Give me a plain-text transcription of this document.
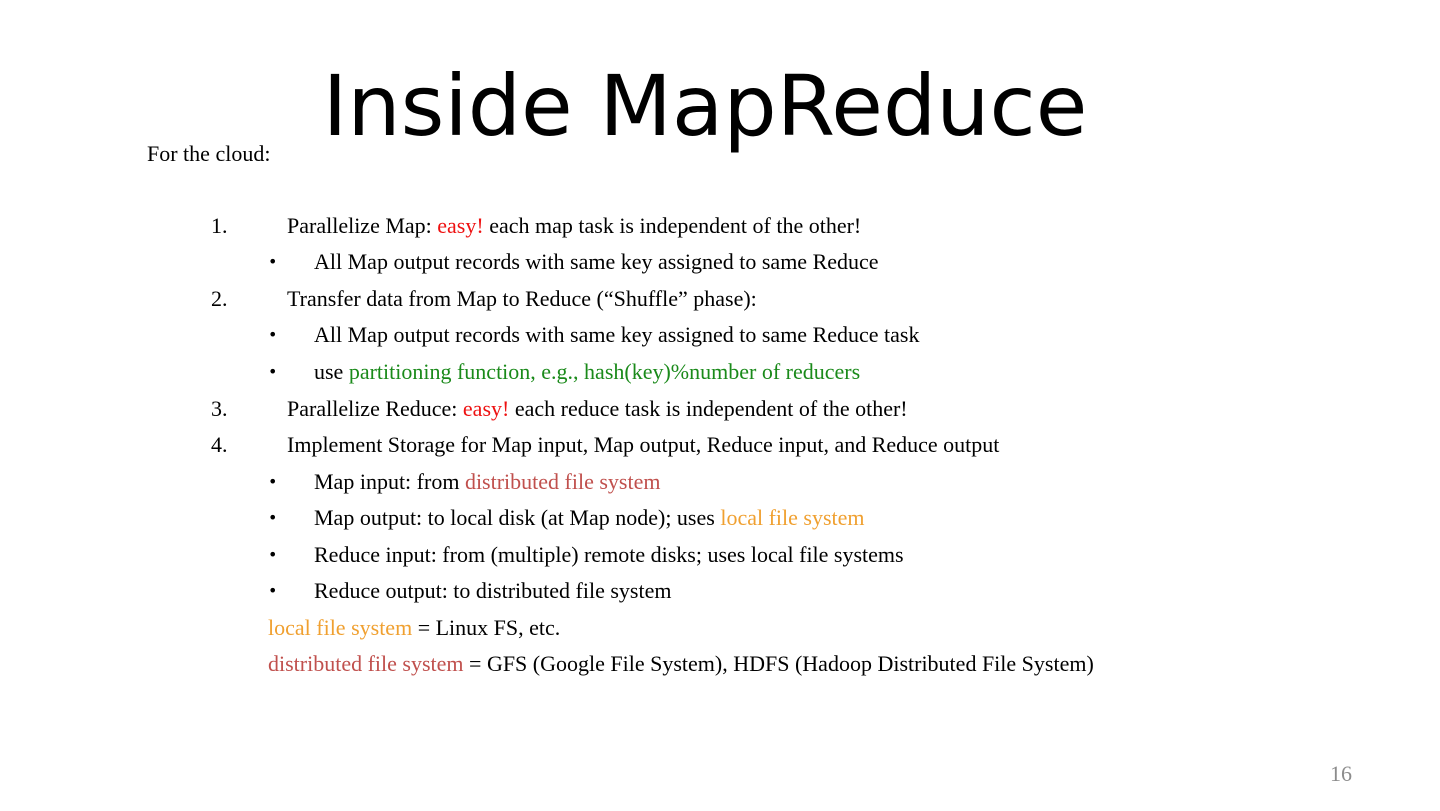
Inside MapReduce
For the cloud:
1.	Parallelize Map: easy! each map task is independent of the other!
• All Map output records with same key assigned to same Reduce
2.	Transfer data from Map to Reduce (“Shuffle” phase):
• All Map output records with same key assigned to same Reduce task
• use partitioning function, e.g., hash(key)%number of reducers
3.	Parallelize Reduce: easy! each reduce task is independent of the other!
4.	Implement Storage for Map input, Map output, Reduce input, and Reduce output
• Map input: from distributed file system
• Map output: to local disk (at Map node); uses local file system
• Reduce input: from (multiple) remote disks; uses local file systems
• Reduce output: to distributed file system
local file system = Linux FS, etc.
distributed file system = GFS (Google File System), HDFS (Hadoop Distributed File System)
16
